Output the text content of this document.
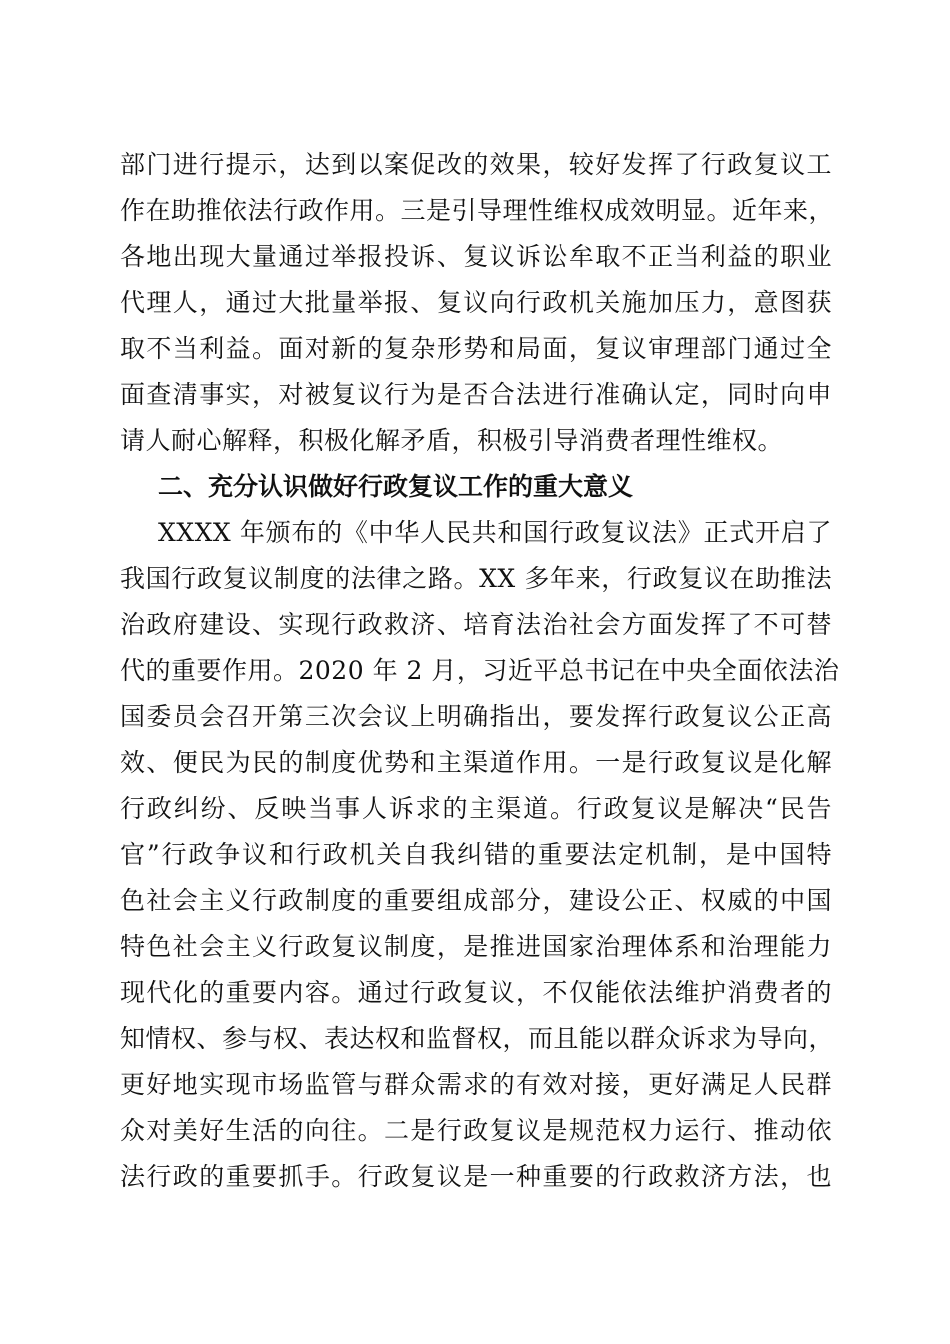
部门进行提示，达到以案促改的效果，较好发挥了行政复议工
作在助推依法行政作用。三是引导理性维权成效明显。近年来，
各地出现大量通过举报投诉、复议诉讼牟取不正当利益的职业
代理人，通过大批量举报、复议向行政机关施加压力，意图获
取不当利益。面对新的复杂形势和局面，复议审理部门通过全
面查清事实，对被复议行为是否合法进行准确认定，同时向申
请人耐心解释，积极化解矛盾，积极引导消费者理性维权。
二、充分认识做好行政复议工作的重大意义
XXXX 年颁布的《中华人民共和国行政复议法》正式开启了
我国行政复议制度的法律之路。XX 多年来，行政复议在助推法
治政府建设、实现行政救济、培育法治社会方面发挥了不可替
代的重要作用。2020 年 2 月，习近平总书记在中央全面依法治
国委员会召开第三次会议上明确指出，要发挥行政复议公正高
效、便民为民的制度优势和主渠道作用。一是行政复议是化解
行政纠纷、反映当事人诉求的主渠道。行政复议是解决“民告
官”行政争议和行政机关自我纠错的重要法定机制，是中国特
色社会主义行政制度的重要组成部分，建设公正、权威的中国
特色社会主义行政复议制度，是推进国家治理体系和治理能力
现代化的重要内容。通过行政复议，不仅能依法维护消费者的
知情权、参与权、表达权和监督权，而且能以群众诉求为导向，
更好地实现市场监管与群众需求的有效对接，更好满足人民群
众对美好生活的向往。二是行政复议是规范权力运行、推动依
法行政的重要抓手。行政复议是一种重要的行政救济方法，也
